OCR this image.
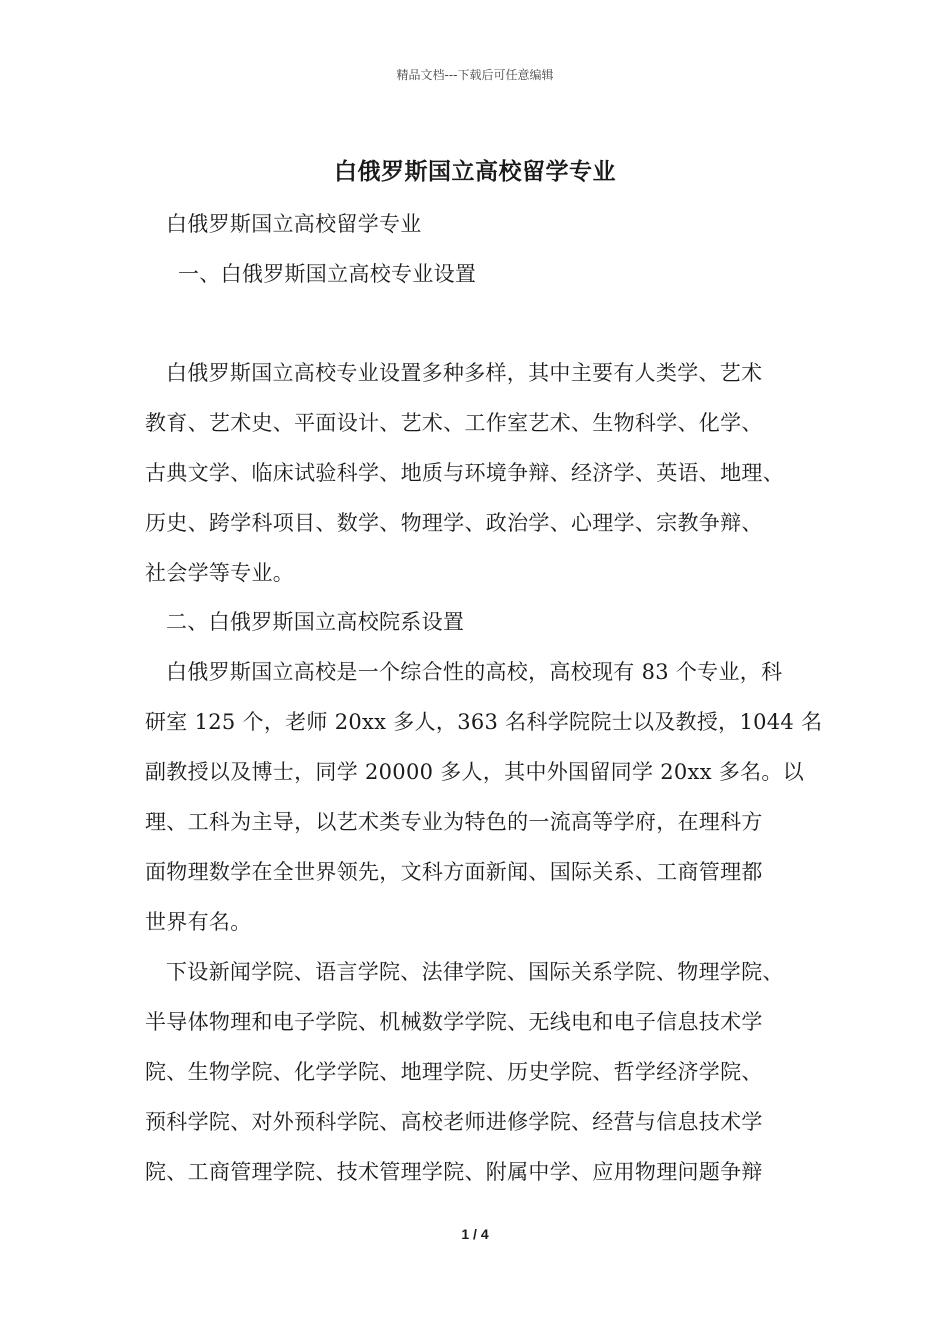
精品文档---下载后可任意编辑
白俄罗斯国立高校留学专业
白俄罗斯国立高校留学专业
一、白俄罗斯国立高校专业设置
白俄罗斯国立高校专业设置多种多样，其中主要有人类学、艺术
教育、艺术史、平面设计、艺术、工作室艺术、生物科学、化学、
古典文学、临床试验科学、地质与环境争辩、经济学、英语、地理、
历史、跨学科项目、数学、物理学、政治学、心理学、宗教争辩、
社会学等专业。
二、白俄罗斯国立高校院系设置
白俄罗斯国立高校是一个综合性的高校，高校现有 83 个专业，科
研室 125 个，老师 20xx 多人，363 名科学院院士以及教授，1044 名
副教授以及博士，同学 20000 多人，其中外国留同学 20xx 多名。以
理、工科为主导，以艺术类专业为特色的一流高等学府，在理科方
面物理数学在全世界领先，文科方面新闻、国际关系、工商管理都
世界有名。
下设新闻学院、语言学院、法律学院、国际关系学院、物理学院、
半导体物理和电子学院、机械数学学院、无线电和电子信息技术学
院、生物学院、化学学院、地理学院、历史学院、哲学经济学院、
预科学院、对外预科学院、高校老师进修学院、经营与信息技术学
院、工商管理学院、技术管理学院、附属中学、应用物理问题争辩
1 / 4
